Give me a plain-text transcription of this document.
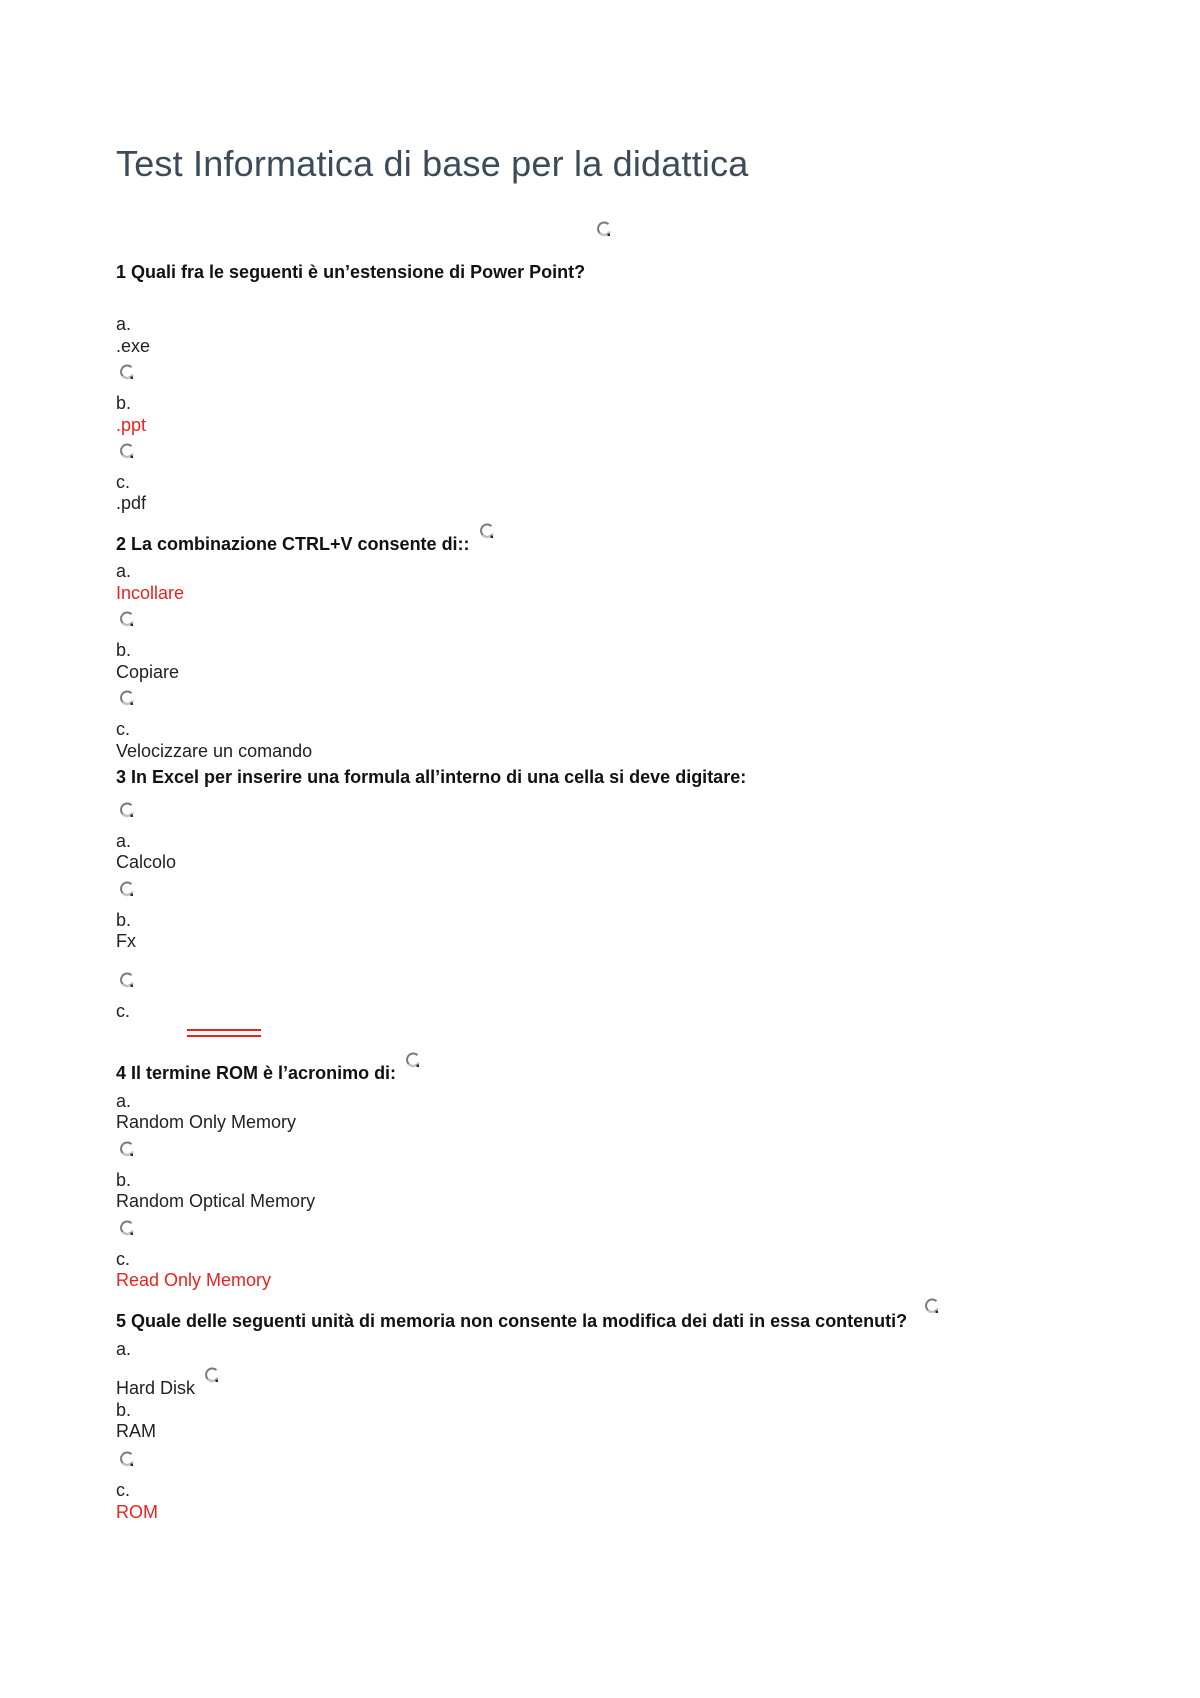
Test Informatica di base per la didattica
1 Quali fra le seguenti è un’estensione di Power Point?
a.
.exe
b.
.ppt
c.
.pdf
2 La combinazione CTRL+V consente di::
a.
Incollare
b.
Copiare
c.
Velocizzare un comando
3 In Excel per inserire una formula all’interno di una cella si deve digitare:
a.
Calcolo
b.
Fx
c.
4 Il termine ROM è l’acronimo di:
a.
Random Only Memory
b.
Random Optical Memory
c.
Read Only Memory
5 Quale delle seguenti unità di memoria non consente la modifica dei dati in essa contenuti?
a.
Hard Disk
b.
RAM
c.
ROM
